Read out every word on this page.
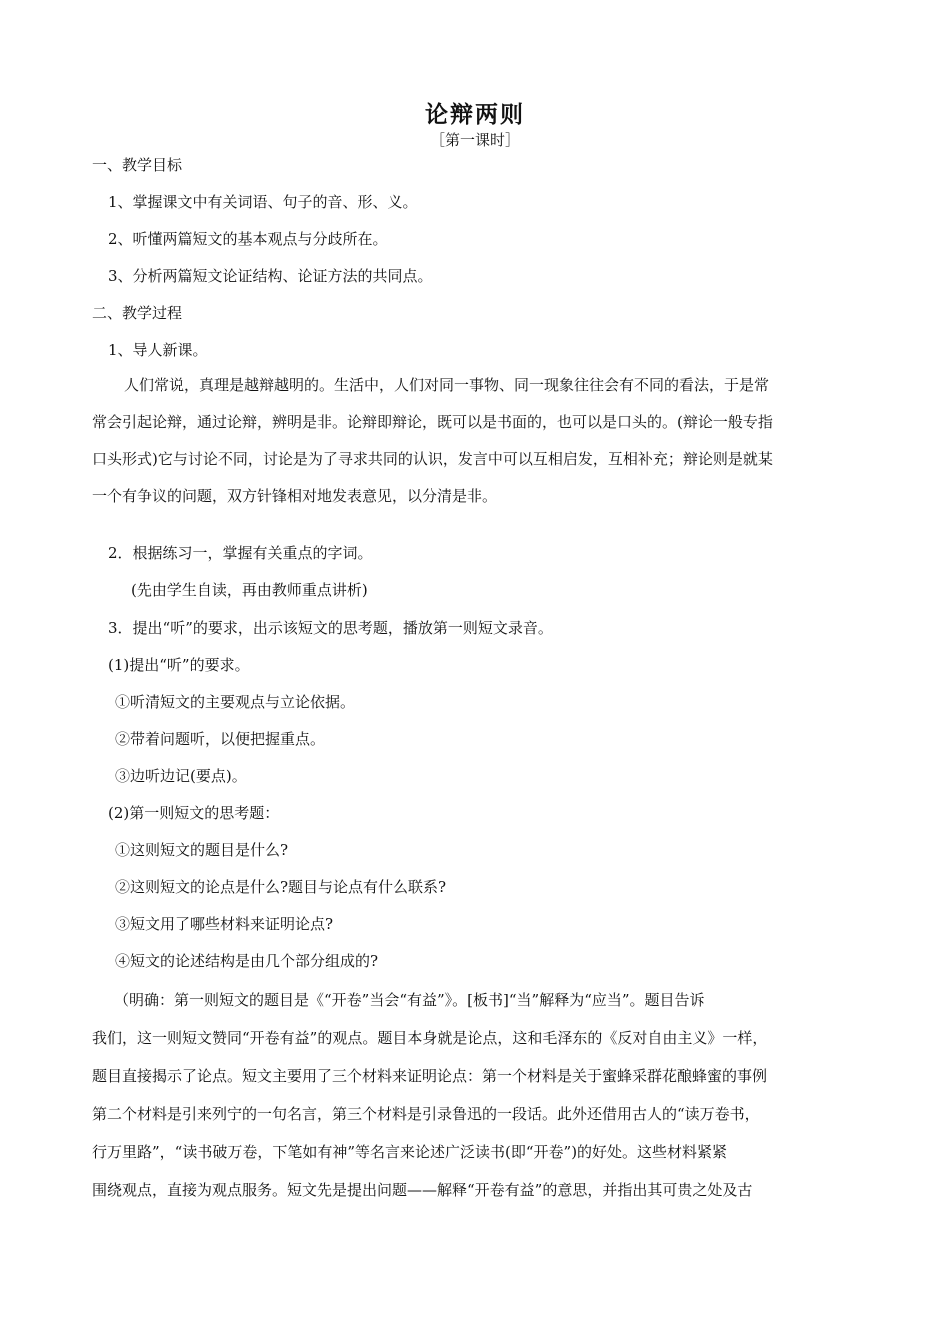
论辩两则
［第一课时］
一、教学目标
1、掌握课文中有关词语、句子的音、形、义。
2、听懂两篇短文的基本观点与分歧所在。
3、分析两篇短文论证结构、论证方法的共同点。
二、教学过程
1、导人新课。
人们常说，真理是越辩越明的。生活中，人们对同一事物、同一现象往往会有不同的看法，于是常
常会引起论辩，通过论辩，辨明是非。论辩即辩论，既可以是书面的，也可以是口头的。(辩论一般专指
口头形式)它与讨论不同，讨论是为了寻求共同的认识，发言中可以互相启发，互相补充；辩论则是就某
一个有争议的问题，双方针锋相对地发表意见，以分清是非。
2．根据练习一，掌握有关重点的字词。
(先由学生自读，再由教师重点讲析)
3．提出“听”的要求，出示该短文的思考题，播放第一则短文录音。
(1)提出“听”的要求。
①听清短文的主要观点与立论依据。
②带着问题听，以便把握重点。
③边听边记(要点)。
(2)第一则短文的思考题：
①这则短文的题目是什么?
②这则短文的论点是什么?题目与论点有什么联系?
③短文用了哪些材料来证明论点?
④短文的论述结构是由几个部分组成的?
（明确：第一则短文的题目是《“开卷”当会“有益”》。[板书]“当”解释为“应当”。题目告诉
我们，这一则短文赞同“开卷有益”的观点。题目本身就是论点，这和毛泽东的《反对自由主义》一样，
题目直接揭示了论点。短文主要用了三个材料来证明论点：第一个材料是关于蜜蜂采群花酿蜂蜜的事例
第二个材料是引来列宁的一句名言，第三个材料是引录鲁迅的一段话。此外还借用古人的“读万卷书，
行万里路”，“读书破万卷，下笔如有神”等名言来论述广泛读书(即“开卷”)的好处。这些材料紧紧
围绕观点，直接为观点服务。短文先是提出问题——解释“开卷有益”的意思，并指出其可贵之处及古
